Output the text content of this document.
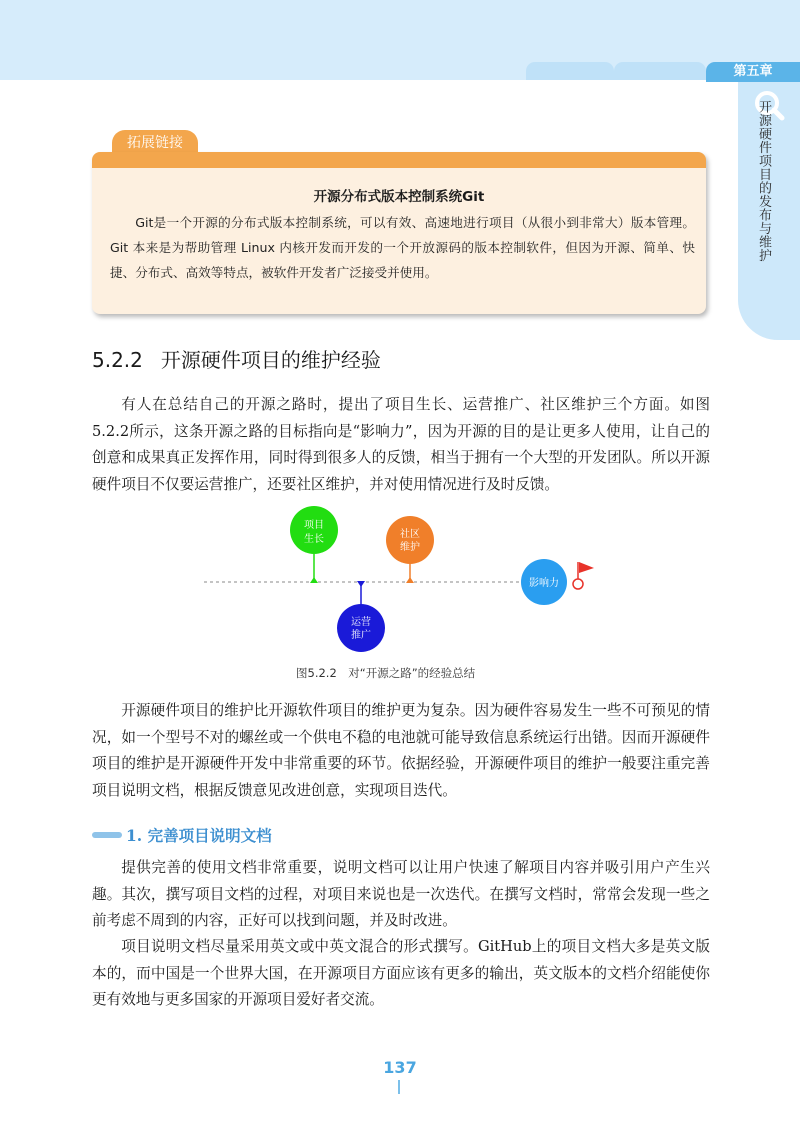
第五章
开源硬件项目的发布与维护
拓展链接
开源分布式版本控制系统Git

Git是一个开源的分布式版本控制系统，可以有效、高速地进行项目（从很小到非常大）版本管理。Git 本来是为帮助管理 Linux 内核开发而开发的一个开放源码的版本控制软件，但因为开源、简单、快捷、分布式、高效等特点，被软件开发者广泛接受并使用。

5.2.2 开源硬件项目的维护经验

有人在总结自己的开源之路时，提出了项目生长、运营推广、社区维护三个方面。如图5.2.2所示，这条开源之路的目标指向是“影响力”，因为开源的目的是让更多人使用，让自己的创意和成果真正发挥作用，同时得到很多人的反馈，相当于拥有一个大型的开发团队。所以开源硬件项目不仅要运营推广，还要社区维护，并对使用情况进行及时反馈。

项目
生长	社区
维护
运营
推广
影响力
图5.2.2　对“开源之路”的经验总结

开源硬件项目的维护比开源软件项目的维护更为复杂。因为硬件容易发生一些不可预见的情况，如一个型号不对的螺丝或一个供电不稳的电池就可能导致信息系统运行出错。因而开源硬件项目的维护是开源硬件开发中非常重要的环节。依据经验，开源硬件项目的维护一般要注重完善项目说明文档，根据反馈意见改进创意，实现项目迭代。

1. 完善项目说明文档

提供完善的使用文档非常重要，说明文档可以让用户快速了解项目内容并吸引用户产生兴趣。其次，撰写项目文档的过程，对项目来说也是一次迭代。在撰写文档时，常常会发现一些之前考虑不周到的内容，正好可以找到问题，并及时改进。

项目说明文档尽量采用英文或中英文混合的形式撰写。GitHub上的项目文档大多是英文版本的，而中国是一个世界大国，在开源项目方面应该有更多的输出，英文版本的文档介绍能使你更有效地与更多国家的开源项目爱好者交流。

137
